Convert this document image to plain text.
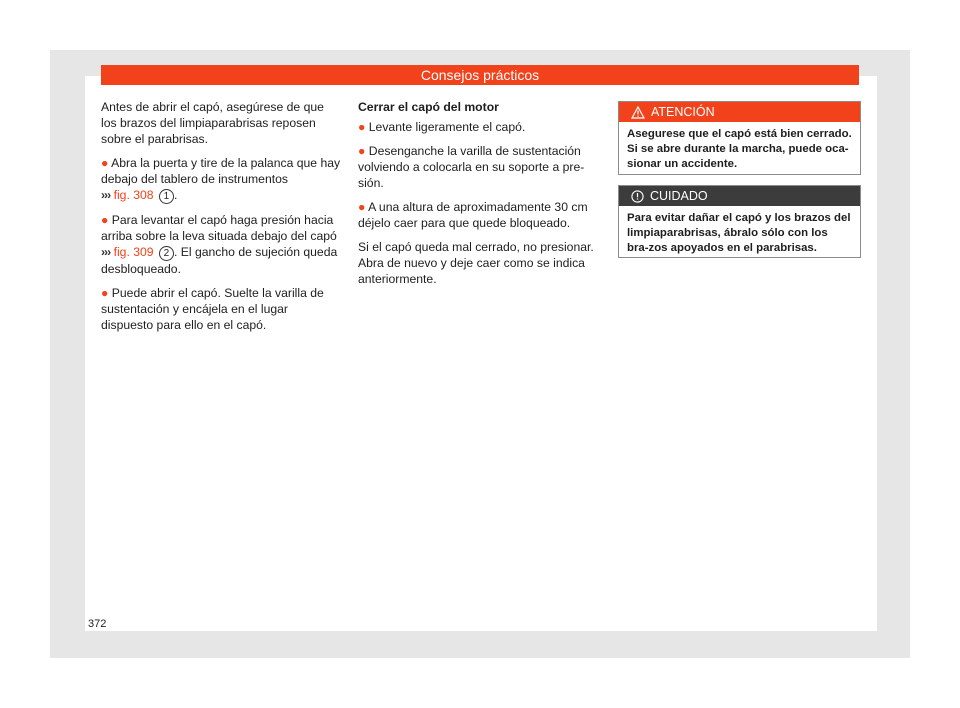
Consejos prácticos

Antes de abrir el capó, asegúrese de que los brazos del limpiaparabrisas reposen sobre el parabrisas.

● Abra la puerta y tire de la palanca que hay debajo del tablero de instrumentos
››› fig. 308 1 .

● Para levantar el capó haga presión hacia arriba sobre la leva situada debajo del capó
››› fig. 309 2 . El gancho de sujeción queda desbloqueado.

● Puede abrir el capó. Suelte la varilla de sustentación y encájela en el lugar dispuesto para ello en el capó.

Cerrar el capó del motor

● Levante ligeramente el capó.

● Desenganche la varilla de sustentación volviendo a colocarla en su soporte a pre-sión.

● A una altura de aproximadamente 30 cm déjelo caer para que quede bloqueado.

Si el capó queda mal cerrado, no presionar. Abra de nuevo y deje caer como se indica anteriormente.

ATENCIÓN
Asegurese que el capó está bien cerrado. Si se abre durante la marcha, puede oca-sionar un accidente.
CUIDADO
Para evitar dañar el capó y los brazos del limpiaparabrisas, ábralo sólo con los bra-zos apoyados en el parabrisas.
372
